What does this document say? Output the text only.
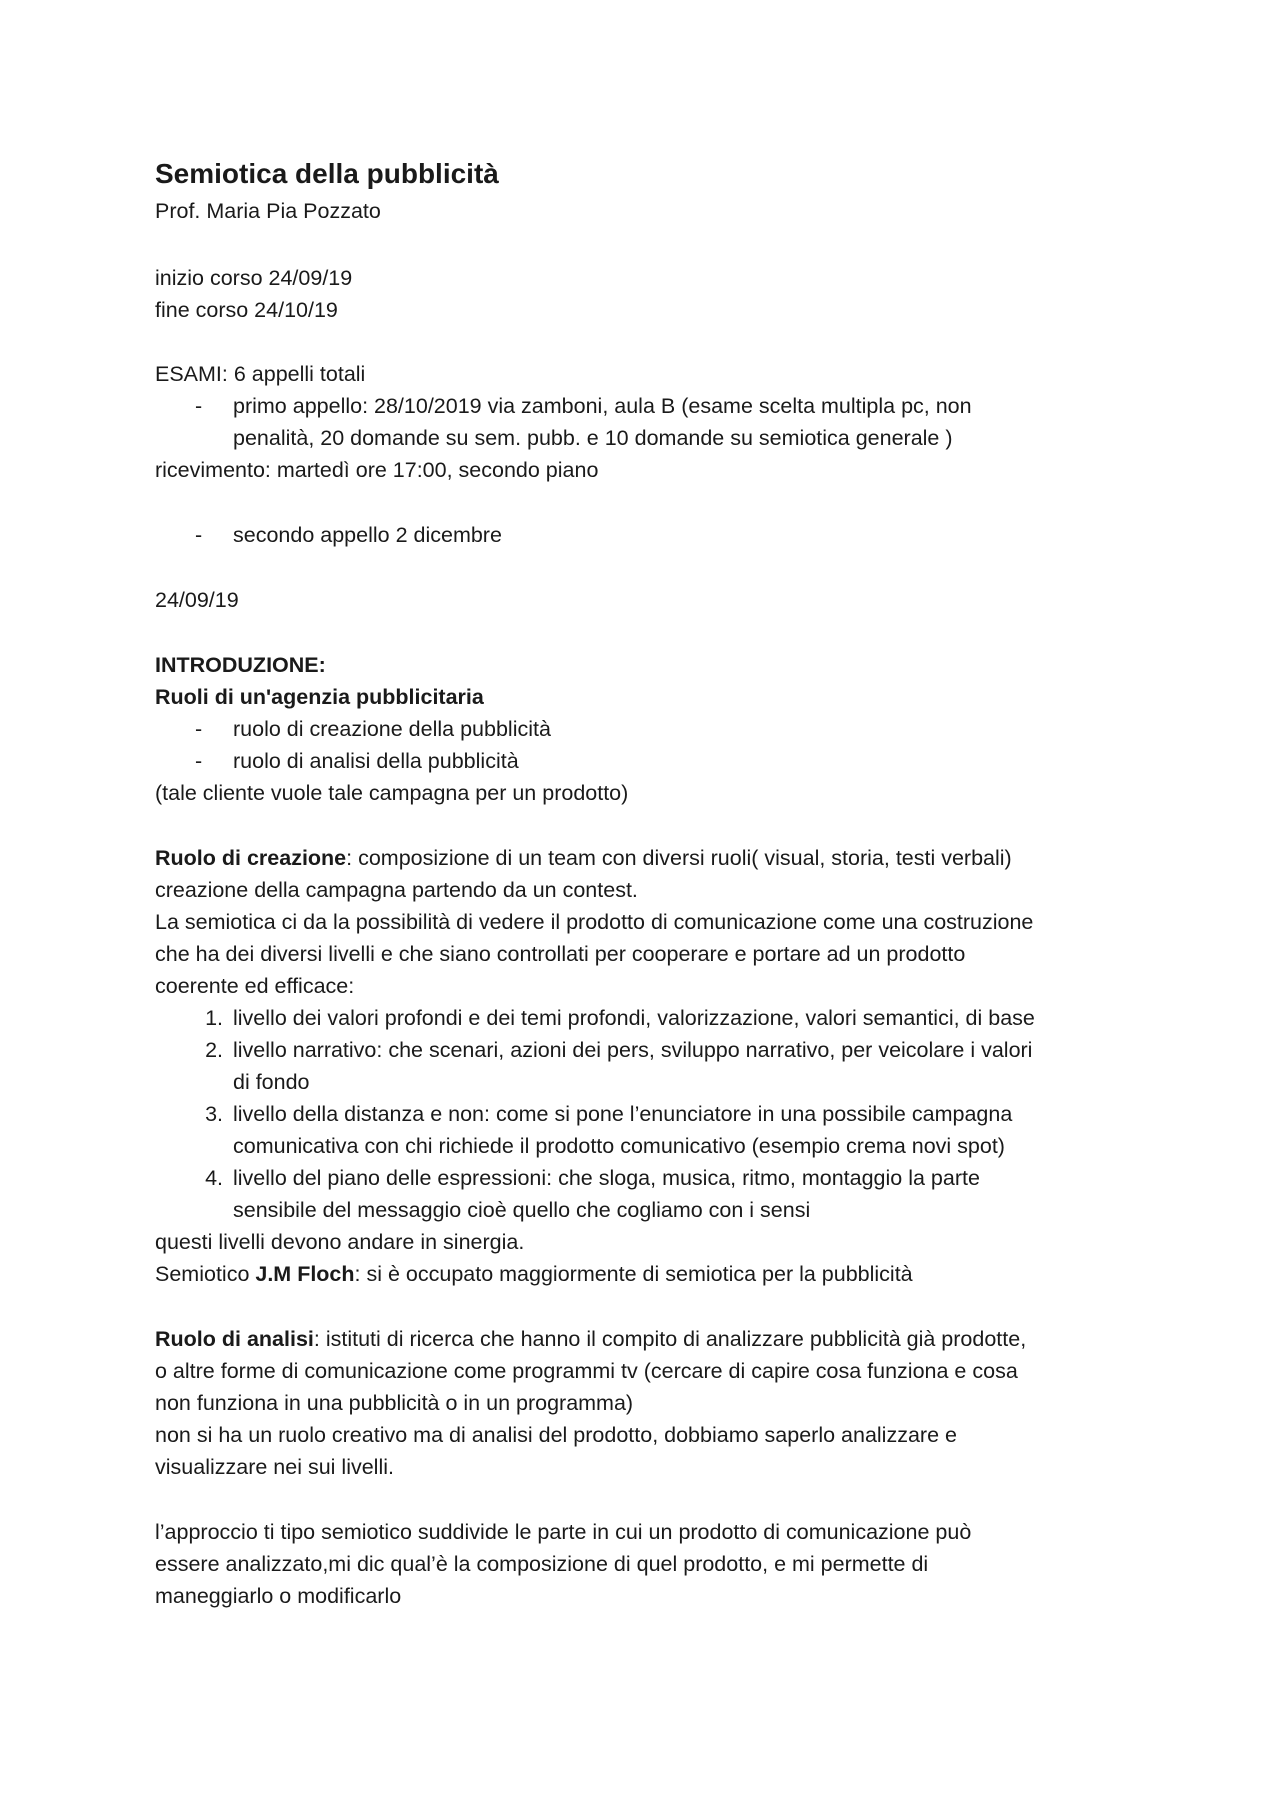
Semiotica della pubblicità
Prof. Maria Pia Pozzato
inizio corso 24/09/19
fine corso 24/10/19
ESAMI: 6 appelli totali
- primo appello: 28/10/2019 via zamboni, aula B (esame scelta multipla pc, non
penalità, 20 domande su sem. pubb. e 10 domande su semiotica generale )
ricevimento: martedì ore 17:00, secondo piano
- secondo appello 2 dicembre
24/09/19
INTRODUZIONE:
Ruoli di un'agenzia pubblicitaria
- ruolo di creazione della pubblicità
- ruolo di analisi della pubblicità
(tale cliente vuole tale campagna per un prodotto)
Ruolo di creazione: composizione di un team con diversi ruoli( visual, storia, testi verbali)
creazione della campagna partendo da un contest.
La semiotica ci da la possibilità di vedere il prodotto di comunicazione come una costruzione
che ha dei diversi livelli e che siano controllati per cooperare e portare ad un prodotto
coerente ed efficace:
1. livello dei valori profondi e dei temi profondi, valorizzazione, valori semantici, di base
2. livello narrativo: che scenari, azioni dei pers, sviluppo narrativo, per veicolare i valori
di fondo
3. livello della distanza e non: come si pone l’enunciatore in una possibile campagna
comunicativa con chi richiede il prodotto comunicativo (esempio crema novi spot)
4. livello del piano delle espressioni: che sloga, musica, ritmo, montaggio la parte
sensibile del messaggio cioè quello che cogliamo con i sensi
questi livelli devono andare in sinergia.
Semiotico J.M Floch: si è occupato maggiormente di semiotica per la pubblicità
Ruolo di analisi: istituti di ricerca che hanno il compito di analizzare pubblicità già prodotte,
o altre forme di comunicazione come programmi tv (cercare di capire cosa funziona e cosa
non funziona in una pubblicità o in un programma)
non si ha un ruolo creativo ma di analisi del prodotto, dobbiamo saperlo analizzare e
visualizzare nei sui livelli.
l’approccio ti tipo semiotico suddivide le parte in cui un prodotto di comunicazione può
essere analizzato,mi dic qual’è la composizione di quel prodotto, e mi permette di
maneggiarlo o modificarlo
